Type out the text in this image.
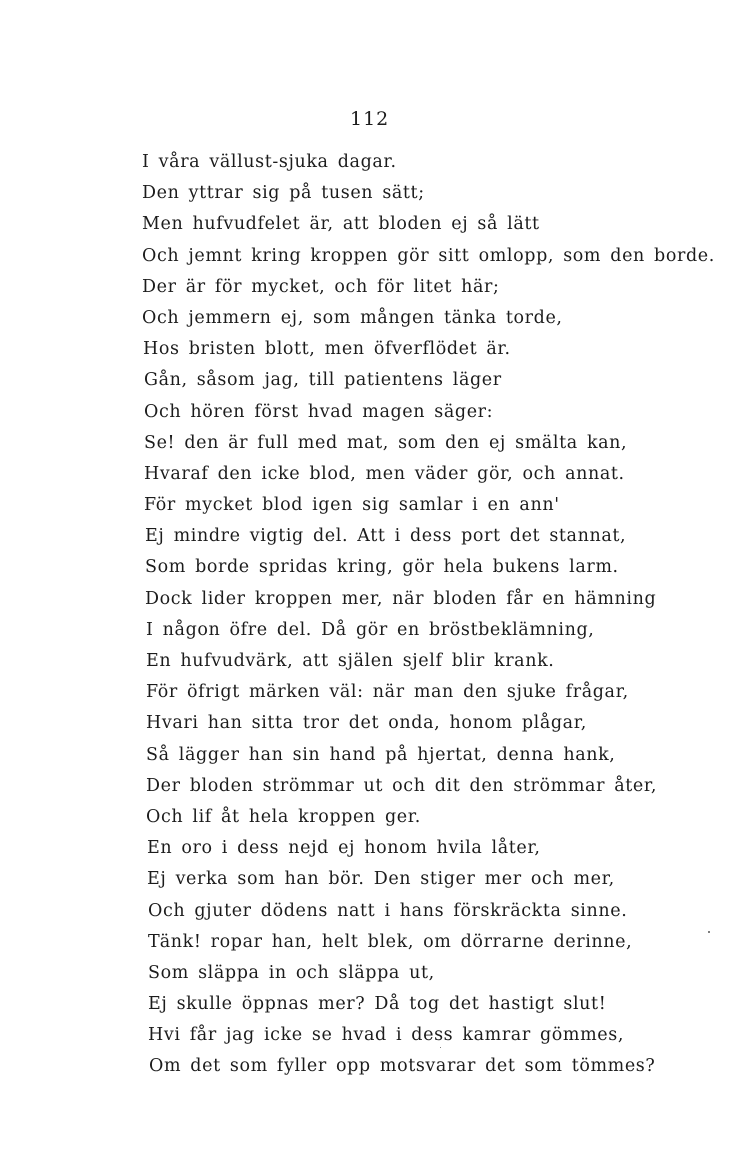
112
I våra vällust-sjuka dagar.
Den yttrar sig på tusen sätt;
Men hufvudfelet är, att bloden ej så lätt
Och jemnt kring kroppen gör sitt omlopp, som den borde.
Der är för mycket, och för litet här;
Och jemmern ej, som mången tänka torde,
Hos bristen blott, men öfverflödet är.
Gån, såsom jag, till patientens läger
Och hören först hvad magen säger:
Se! den är full med mat, som den ej smälta kan,
Hvaraf den icke blod, men väder gör, och annat.
För mycket blod igen sig samlar i en ann'
Ej mindre vigtig del. Att i dess port det stannat,
Som borde spridas kring, gör hela bukens larm.
Dock lider kroppen mer, när bloden får en hämning
I någon öfre del. Då gör en bröstbeklämning,
En hufvudvärk, att själen sjelf blir krank.
För öfrigt märken väl: när man den sjuke frågar,
Hvari han sitta tror det onda, honom plågar,
Så lägger han sin hand på hjertat, denna hank,
Der bloden strömmar ut och dit den strömmar åter,
Och lif åt hela kroppen ger.
En oro i dess nejd ej honom hvila låter,
Ej verka som han bör. Den stiger mer och mer,
Och gjuter dödens natt i hans förskräckta sinne.
Tänk! ropar han, helt blek, om dörrarne derinne,
Som släppa in och släppa ut,
Ej skulle öppnas mer? Då tog det hastigt slut!
Hvi får jag icke se hvad i dess kamrar gömmes,
Om det som fyller opp motsvarar det som tömmes?
